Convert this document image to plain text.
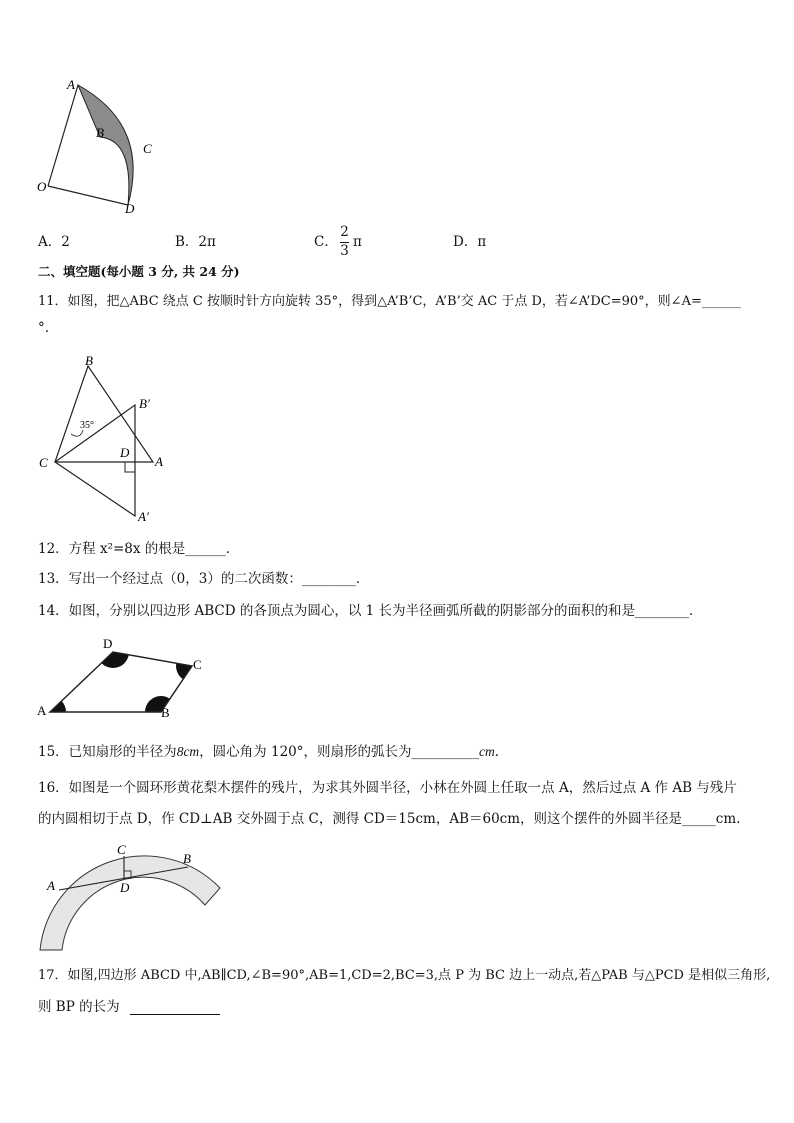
A
B
C
D
O
A．2	B．2π	C．
2
3
π	D．π
二、填空题(每小题 3 分, 共 24 分)
11．如图，把△ABC 绕点 C 按顺时针方向旋转 35°，得到△A’B’C，A’B’交 AC 于点 D，若∠A’DC=90°，则∠A=______
°.
35°
B
B′
C
D
A
A′
12．方程 x²=8x 的根是______．
13．写出一个经过点（0，3）的二次函数：________．
14．如图，分别以四边形 ABCD 的各顶点为圆心，以 1 长为半径画弧所截的阴影部分的面积的和是________．
A	B
C
D
15．已知扇形的半径为8cm，圆心角为 120°，则扇形的弧长为__________cm.
16．如图是一个圆环形黄花梨木摆件的残片，为求其外圆半径，小林在外圆上任取一点 A，然后过点 A 作 AB 与残片
的内圆相切于点 D，作 CD⊥AB 交外圆于点 C，测得 CD＝15cm，AB＝60cm，则这个摆件的外圆半径是_____cm.
A
B
C
D
17．如图,四边形 ABCD 中,AB∥CD,∠B=90°,AB=1,CD=2,BC=3,点 P 为 BC 边上一动点,若△PAB 与△PCD 是相似三角形,
则 BP 的长为
